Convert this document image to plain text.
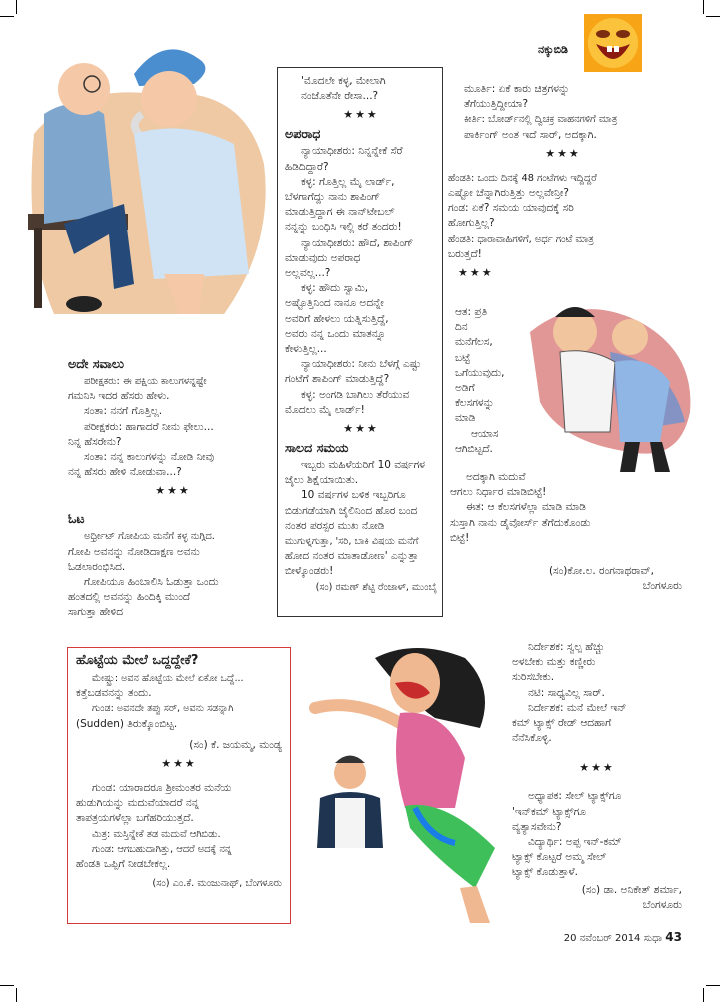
ನಕ್ಕುಬಿಡಿ

'ಮೊದಲೇ ಕಳ್ಳ, ಮೇಲಾಗಿ

ನಂಜೊತೆನೇ ರೇಸಾ...?

★★★
ಅಪರಾಧ

ನ್ಯಾಯಾಧೀಶರು: ನಿನ್ನನ್ನೇಕೆ ಸೆರೆ

ಹಿಡಿದಿದ್ದಾರೆ?

ಕಳ್ಳ: ಗೊತ್ತಿಲ್ಲ ಮೈ ಲಾರ್ಡ್,

ಬೆಳಗಾಗೆದ್ದು ನಾನು ಶಾಪಿಂಗ್

ಮಾಡುತ್ತಿದ್ದಾಗ ಈ ನಾನ್‌ಟೇಬಲ್

ನನ್ನನ್ನು ಬಂಧಿಸಿ ಇಲ್ಲಿ ಕರೆ ತಂದರು!

ನ್ಯಾಯಾಧೀಶರು: ಹೌದೆ, ಶಾಪಿಂಗ್

ಮಾಡುವುದು ಅಪರಾಧ

ಅಲ್ಲವಲ್ಲ...?

ಕಳ್ಳ: ಹೌದು ಸ್ವಾಮಿ,

ಅಷ್ಟೊತ್ತಿನಿಂದ ನಾನೂ ಅದನ್ನೇ

ಅವರಿಗೆ ಹೇಳಲು ಯತ್ನಿಸುತ್ತಿದ್ದೆ,

ಅವರು ನನ್ನ ಒಂದು ಮಾತನ್ನೂ

ಕೇಳುತ್ತಿಲ್ಲ...

ನ್ಯಾಯಾಧೀಶರು: ನೀನು ಬೆಳಗ್ಗೆ ಎಷ್ಟು

ಗಂಟೆಗೆ ಶಾಪಿಂಗ್ ಮಾಡುತ್ತಿದ್ದೆ?

ಕಳ್ಳ: ಅಂಗಡಿ ಬಾಗಿಲು ತೆರೆಯುವ

ಮೊದಲು ಮೈ ಲಾರ್ಡ್!

★★★
ಸಾಲದ ಸಮಯ

ಇಬ್ಬರು ಮಹಿಳೆಯರಿಗೆ 10 ವರ್ಷಗಳ

ಜೈಲು ಶಿಕ್ಷೆಯಾಯಿತು.

10 ವರ್ಷಗಳ ಬಳಿಕ ಇಬ್ಬರಿಗೂ

ಬಿಡುಗಡೆಯಾಗಿ ಜೈಲಿನಿಂದ ಹೊರ ಬಂದ

ನಂತರ ಪರಸ್ಪರ ಮುಖ ನೋಡಿ

ಮುಗುಳ್ನಗುತ್ತಾ, 'ಸರಿ, ಬಾಕಿ ವಿಷಯ ಮನೆಗೆ

ಹೋದ ನಂತರ ಮಾತಾಡೋಣ' ಎನ್ನುತ್ತಾ

ಬೀಳ್ಕೊಂಡರು!

(ಸಂ) ರಮಣ್ ಶೆಟ್ಟಿ ರೆಂಜಾಳ್, ಮುಂಬೈ

ಮೂರ್ತಿ: ಏಕೆ ಕಾರು ಚಿತ್ರಗಳನ್ನು

ತೆಗೆಯುತ್ತಿದ್ದೀಯಾ?

ಕೀರ್ತಿ: ಬೋರ್ಡ್‌ನಲ್ಲಿ ದ್ವಿಚಕ್ರ ವಾಹನಗಳಿಗೆ ಮಾತ್ರ

ಪಾರ್ಕಿಂಗ್ ಅಂತ ಇದೆ ಸಾರ್, ಅದಕ್ಕಾಗಿ.

★★★

ಹೆಂಡತಿ: ಒಂದು ದಿನಕ್ಕೆ 48 ಗಂಟೆಗಳು ಇದ್ದಿದ್ದರೆ

ಎಷ್ಟೋ ಚೆನ್ನಾಗಿರುತ್ತಿತ್ತು ಅಲ್ಲವೇನ್ರೀ?

ಗಂಡ: ಏಕೆ? ಸಮಯ ಯಾವುದಕ್ಕೆ ಸರಿ

ಹೋಗುತ್ತಿಲ್ಲ?

ಹೆಂಡತಿ: ಧಾರಾವಾಹಿಗಳಿಗೆ, ಅರ್ಧ ಗಂಟೆ ಮಾತ್ರ

ಬರುತ್ತದೆ!

★★★

ಆತ: ಪ್ರತಿ

ದಿನ

ಮನೆಗೆಲಸ,

ಬಟ್ಟೆ

ಒಗೆಯುವುದು,

ಅಡಿಗೆ

ಕೆಲಸಗಳನ್ನು

ಮಾಡಿ

ಆಯಾಸ

ಆಗಿಬಿಟ್ಟದೆ.

ಅದಕ್ಕಾಗಿ ಮದುವೆ

ಆಗಲು ನಿರ್ಧಾರ ಮಾಡಿಬಿಟ್ಟೆ!

ಈತ: ಆ ಕೆಲಸಗಳೆಲ್ಲಾ ಮಾಡಿ ಮಾಡಿ

ಸುಸ್ತಾಗಿ ನಾನು ಡೈವೋರ್ಸ್ ತೆಗೆದುಕೊಂಡು

ಬಿಟ್ಟೆ!

(ಸಂ)ಕೋ.ಲ. ರಂಗನಾಥರಾವ್,

ಬೆಂಗಳೂರು

ಅದೇ ಸವಾಲು

ಪರೀಕ್ಷಕರು: ಈ ಪಕ್ಷಿಯ ಕಾಲುಗಳನ್ನಷ್ಟೇ

ಗಮನಿಸಿ ಇದರ ಹೆಸರು ಹೇಳು.

ಸಂತಾ: ನನಗೆ ಗೊತ್ತಿಲ್ಲ.

ಪರೀಕ್ಷಕರು: ಹಾಗಾದರೆ ನೀನು ಫೇಲು...

ನಿನ್ನ ಹೆಸರೇನು?

ಸಂತಾ: ನನ್ನ ಕಾಲುಗಳನ್ನು ನೋಡಿ ನೀವು

ನನ್ನ ಹೆಸರು ಹೇಳಿ ನೋಡುವಾ...?

★★★
ಓಟ

ಅರ್ಧ್ರೀಟ್ ಗೋಪಿಯ ಮನೆಗೆ ಕಳ್ಳ ನುಗ್ಗಿದ.

ಗೋಪಿ ಅವನನ್ನು ನೋಡಿದಾಕ್ಷಣ ಅವನು

ಓಡಲಾರಂಭಿಸಿದ.

ಗೋಪಿಯೂ ಹಿಂಬಾಲಿಸಿ ಓಡುತ್ತಾ ಒಂದು

ಹಂತದಲ್ಲಿ ಅವನನ್ನು ಹಿಂದಿಕ್ಕಿ ಮುಂದೆ

ಸಾಗುತ್ತಾ ಹೇಳಿದ

ಹೊಟ್ಟೆಯ ಮೇಲೆ ಒದ್ದದ್ದೇಕೆ?

ಮೇಷ್ಟ್ರು: ಅವನ ಹೊಟ್ಟೆಯ ಮೇಲೆ ಏಕೋ ಒದ್ದೆ...

ಕತ್ತೆಬಡವನನ್ನು ತಂದು.

ಗುಂಡ: ಅವನದೇ ತಪ್ಪು ಸರ್, ಅವನು ಸಡನ್ನಾಗಿ

(Sudden) ತಿರುಕ್ಕೊಂಬಿಟ್ಟ.

(ಸಂ) ಕೆ. ಜಯಮ್ಮ, ಮಂಡ್ಯ

★★★

ಗುಂಡ: ಯಾರಾದರೂ ಶ್ರೀಮಂತರ ಮನೆಯ

ಹುಡುಗಿಯನ್ನು ಮದುವೆಯಾದರೆ ನನ್ನ

ತಾಪತ್ರಯಗಳೆಲ್ಲಾ ಬಗೆಹರಿಯುತ್ತದೆ.

ಮಿತ್ರ: ಮಸ್ತಿನ್ನೇಕೆ ತಡ ಮದುವೆ ಆಗಿಬಿಡು.

ಗುಂಡ: ಆಗಬಹುದಾಗಿತ್ತು, ಆದರೆ ಅದಕ್ಕೆ ನನ್ನ

ಹೆಂಡತಿ ಒಪ್ಪಿಗೆ ನೀಡಬೇಕಲ್ಲ.

(ಸಂ) ಎಂ.ಕೆ. ಮಂಜುನಾಥ್, ಬೆಂಗಳೂರು

ನಿರ್ದೇಶಕ: ಸ್ವಲ್ಪ ಹೆಚ್ಚು

ಅಳಬೇಕು ಮತ್ತು ಕಣ್ಣೀರು

ಸುರಿಸಬೇಕು.

ನಟಿ: ಸಾಧ್ಯವಿಲ್ಲ ಸಾರ್.

ನಿರ್ದೇಶಕ: ಮನೆ ಮೇಲೆ ಇನ್

ಕಮ್ ಟ್ಯಾಕ್ಸ್ ರೇಡ್ ಆದಹಾಗೆ

ನೆನೆಸಿಕೊಳ್ಳಿ.

★★★

ಅಧ್ಯಾಪಕ: ಸೇಲ್ ಟ್ಯಾಕ್ಸ್‌ಗೂ

'ಇನ್‌ಕಮ್ ಟ್ಯಾಕ್ಸ್‌ಗೂ

ವ್ಯತ್ಯಾಸವೇನು?

ವಿದ್ಯಾರ್ಥಿ: ಅಪ್ಪ ಇನ್-ಕಮ್

ಟ್ಯಾಕ್ಸ್ ಕೊಟ್ಟರೆ ಅಮ್ಮ ಸೇಲ್

ಟ್ಯಾಕ್ಸ್ ಕೊಡುತ್ತಾಳೆ.

(ಸಂ) ಡಾ. ಅನಿಕೇತ್ ಶರ್ಮಾ,

ಬೆಂಗಳೂರು

20 ನವೆಂಬರ್ 2014 ಸುಧಾ 43
